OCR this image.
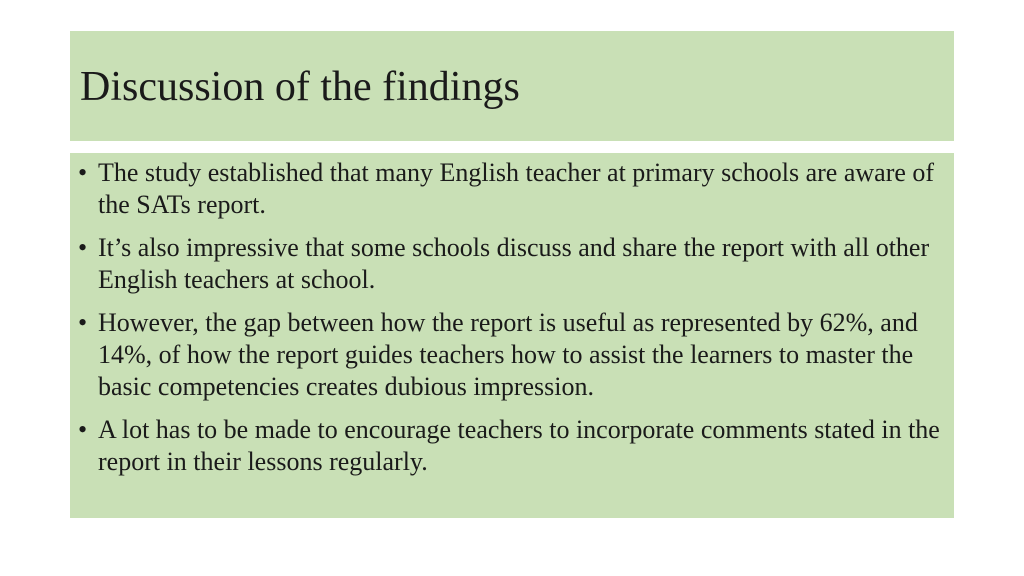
Discussion of the findings
• The study established that many English teacher at primary schools are aware of the SATs report.
• It’s also impressive that some schools discuss and share the report with all other English teachers at school.
• However, the gap between how the report is useful as represented by 62%, and 14%, of how the report guides teachers how to assist the learners to master the basic competencies creates dubious impression.
• A lot has to be made to encourage teachers to incorporate comments stated in the report in their lessons regularly.
